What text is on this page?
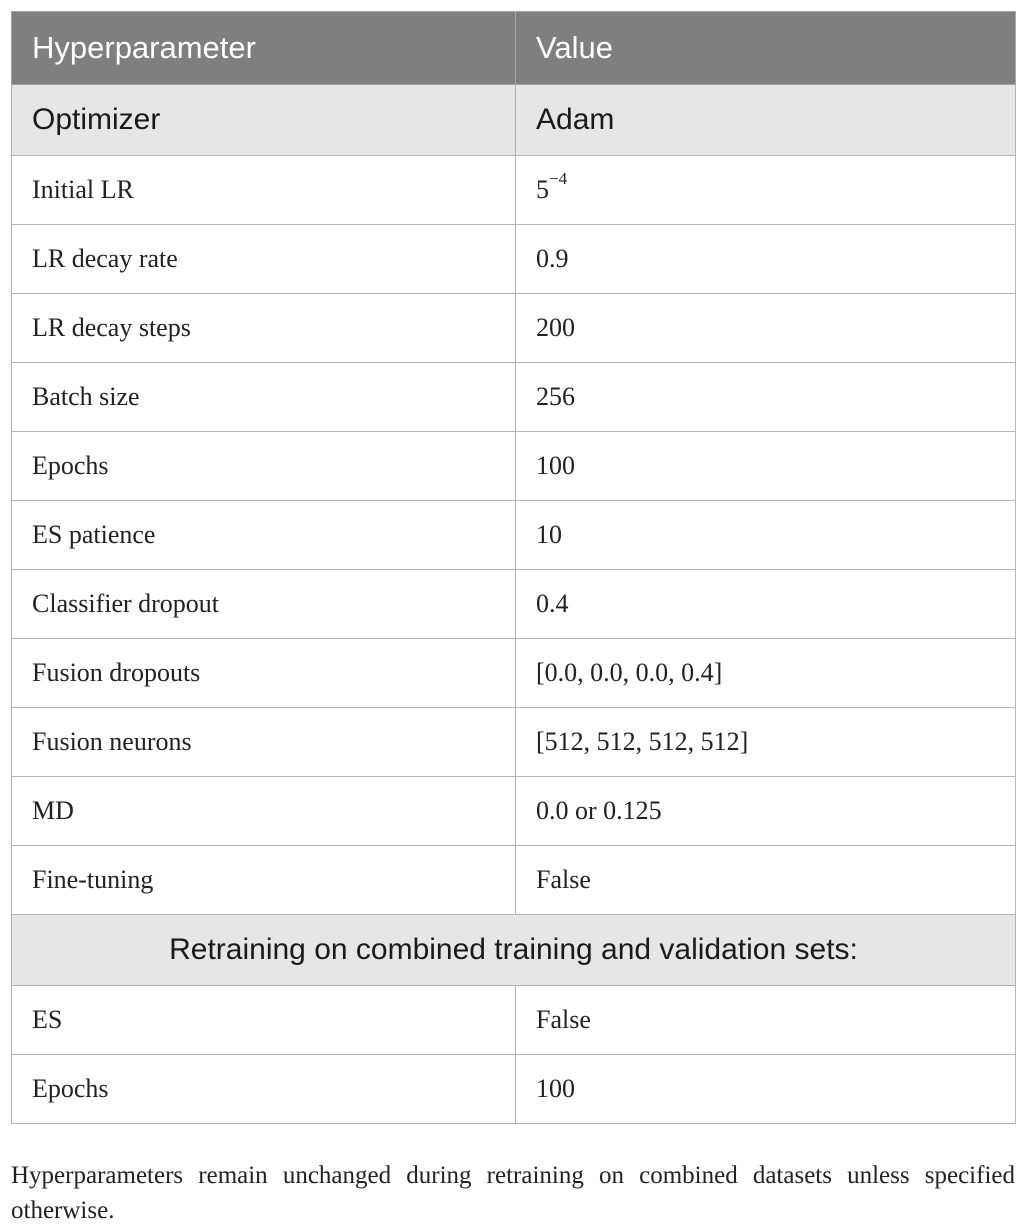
Hyperparameter	Value
Optimizer	Adam
Initial LR	$5^{-4}$
LR decay rate	0.9
LR decay steps	200
Batch size	256
Epochs	100
ES patience	10
Classifier dropout	0.4
Fusion dropouts	[0.0, 0.0, 0.0, 0.4]
Fusion neurons	[512, 512, 512, 512]
MD	0.0 or 0.125
Fine-tuning	False
Retraining on combined training and validation sets:	
ES	False
Epochs	100

Hyperparameters remain unchanged during retraining on combined datasets unless specified otherwise.
